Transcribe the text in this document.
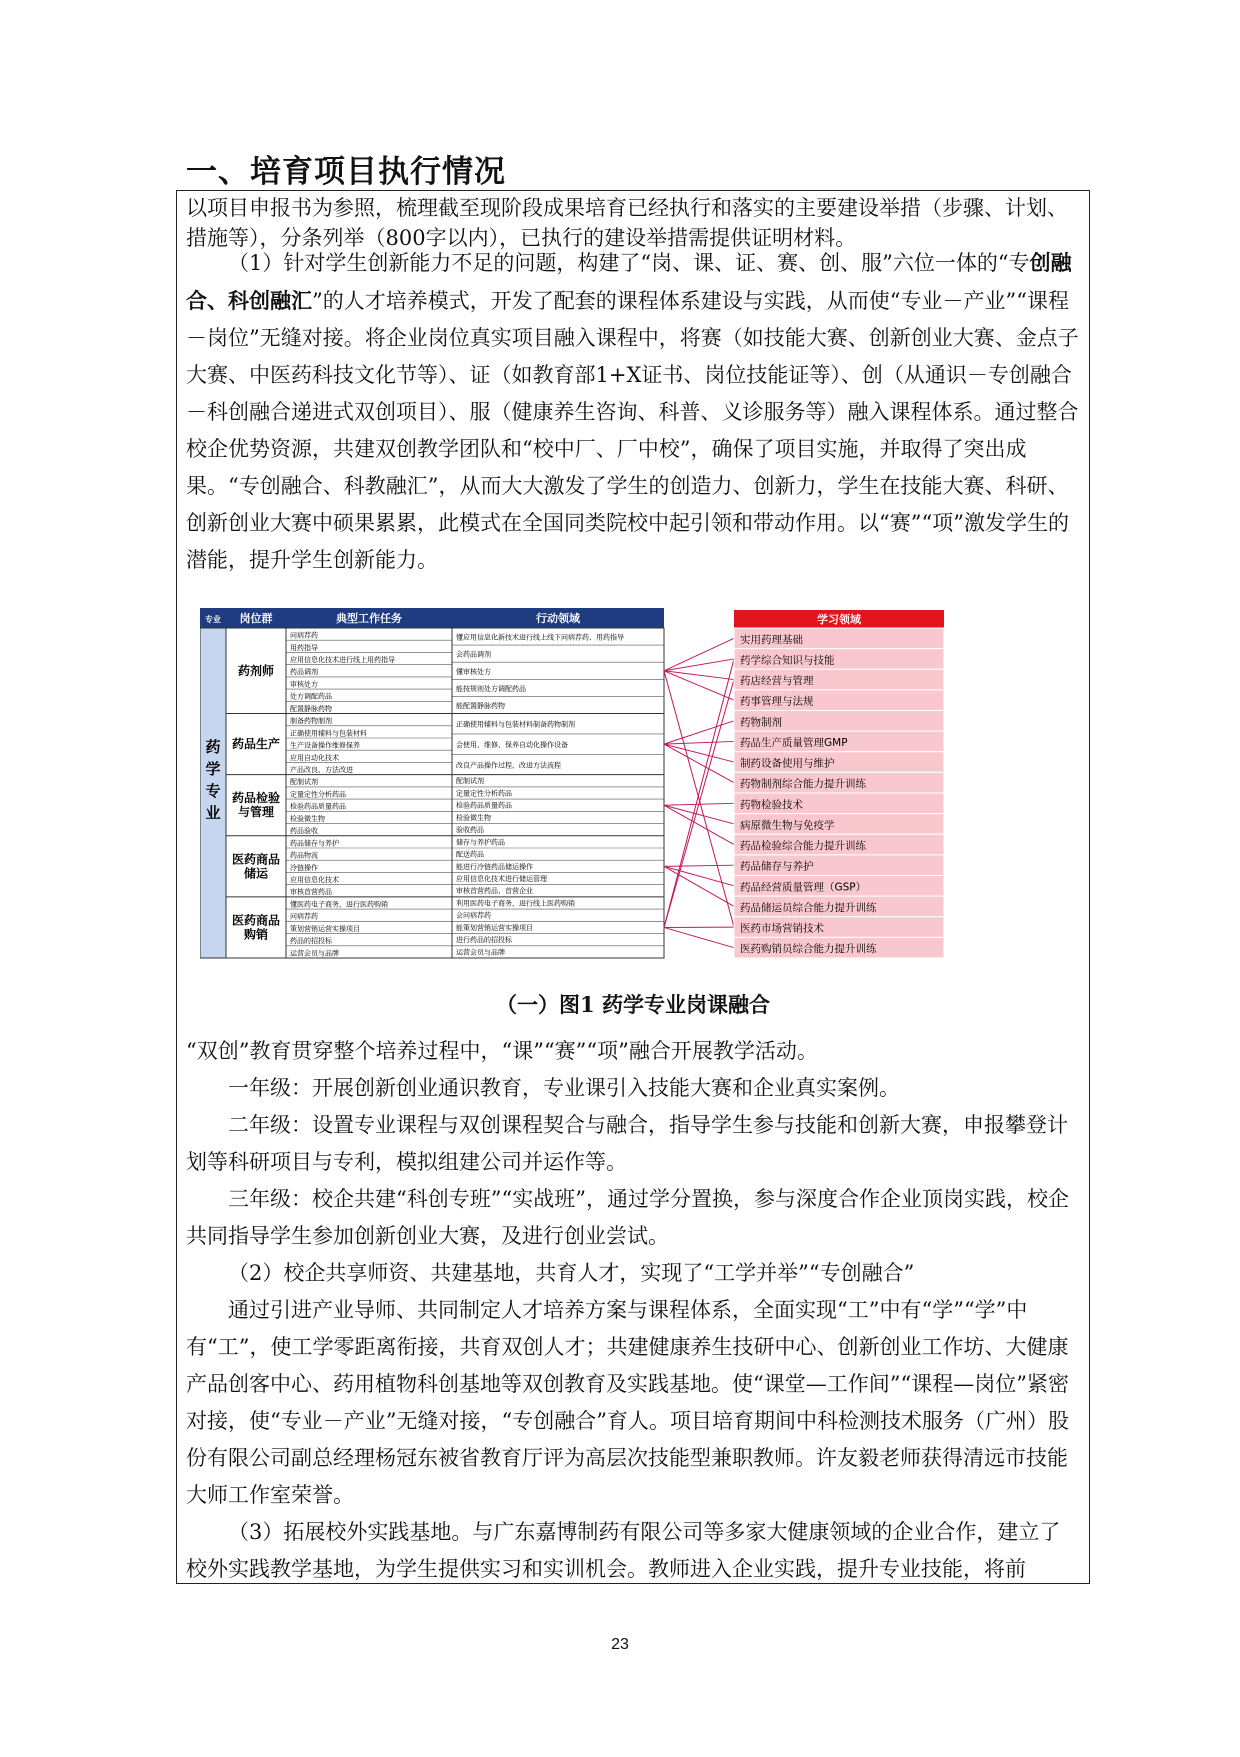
一、培育项目执行情况

以项目申报书为参照，梳理截至现阶段成果培育已经执行和落实的主要建设举措（步骤、计划、措施等），分条列举（800字以内），已执行的建设举措需提供证明材料。

（1）针对学生创新能力不足的问题，构建了“岗、课、证、赛、创、服”六位一体的“专创融合、科创融汇”的人才培养模式，开发了配套的课程体系建设与实践，从而使“专业－产业”“课程－岗位”无缝对接。将企业岗位真实项目融入课程中，将赛（如技能大赛、创新创业大赛、金点子大赛、中医药科技文化节等）、证（如教育部1+X证书、岗位技能证等）、创（从通识－专创融合－科创融合递进式双创项目）、服（健康养生咨询、科普、义诊服务等）融入课程体系。通过整合校企优势资源，共建双创教学团队和“校中厂、厂中校”，确保了项目实施，并取得了突出成果。“专创融合、科教融汇”，从而大大激发了学生的创造力、创新力，学生在技能大赛、科研、创新创业大赛中硕果累累，此模式在全国同类院校中起引领和带动作用。以“赛”“项”激发学生的潜能，提升学生创新能力。

专业 岗位群	典型工作任务	行动领域
药
学
专
业
药剂师
问病荐药
用药指导
应用信息化技术进行线上用药指导
药品调剂
审核处方
处方调配药品
配置静脉药物
懂应用信息化新技术进行线上线下问病荐药、用药指导
会药品调剂
懂审核处方
能按规则处方调配药品
能配置静脉药物
药品生产
制备药物制剂
正确使用辅料与包装材料
生产设备操作维修保养
应用自动化技术
产品改良、方法改进
正确使用辅料与包装材料制备药物制剂
会使用、维修、保养自动化操作设备
改良产品操作过程，改进方法流程
药品检验
与管理
配制试剂
定量定性分析药品
检验药品质量药品
检验微生物
药品验收
配制试剂
定量定性分析药品
检验药品质量药品
检验微生物
验收药品
医药商品
储运
药品储存与养护
药品物流
冷链操作
应用信息化技术
审核首营药品
储存与养护药品
配送药品
能进行冷链药品储运操作
应用信息化技术进行储运管理
审核首营药品、首营企业
医药商品
购销
懂医药电子商务，进行医药购销
问病荐药
策划营销运营实操项目
药品的招投标
运营会员与品牌
利用医药电子商务，进行线上医药购销
会问病荐药
能策划营销运营实操项目
进行药品的招投标
运营会员与品牌
学习领域
实用药理基础
药学综合知识与技能
药店经营与管理
药事管理与法规
药物制剂
药品生产质量管理GMP
制药设备使用与维护
药物制剂综合能力提升训练
药物检验技术
病原微生物与免疫学
药品检验综合能力提升训练
药品储存与养护
药品经营质量管理（GSP）
药品储运员综合能力提升训练
医药市场营销技术
医药购销员综合能力提升训练
（一）图1 药学专业岗课融合
“双创”教育贯穿整个培养过程中，“课”“赛”“项”融合开展教学活动。
一年级：开展创新创业通识教育，专业课引入技能大赛和企业真实案例。
二年级：设置专业课程与双创课程契合与融合，指导学生参与技能和创新大赛，申报攀登计划等科研项目与专利，模拟组建公司并运作等。
三年级：校企共建“科创专班”“实战班”，通过学分置换，参与深度合作企业顶岗实践，校企共同指导学生参加创新创业大赛，及进行创业尝试。
（2）校企共享师资、共建基地，共育人才，实现了“工学并举”“专创融合”
通过引进产业导师、共同制定人才培养方案与课程体系，全面实现“工”中有“学”“学”中有“工”，使工学零距离衔接，共育双创人才；共建健康养生技研中心、创新创业工作坊、大健康产品创客中心、药用植物科创基地等双创教育及实践基地。使“课堂—工作间”“课程—岗位”紧密对接，使“专业－产业”无缝对接，“专创融合”育人。项目培育期间中科检测技术服务（广州）股份有限公司副总经理杨冠东被省教育厅评为高层次技能型兼职教师。许友毅老师获得清远市技能大师工作室荣誉。
（3）拓展校外实践基地。与广东嘉博制药有限公司等多家大健康领域的企业合作，建立了校外实践教学基地，为学生提供实习和实训机会。教师进入企业实践，提升专业技能，将前
23
